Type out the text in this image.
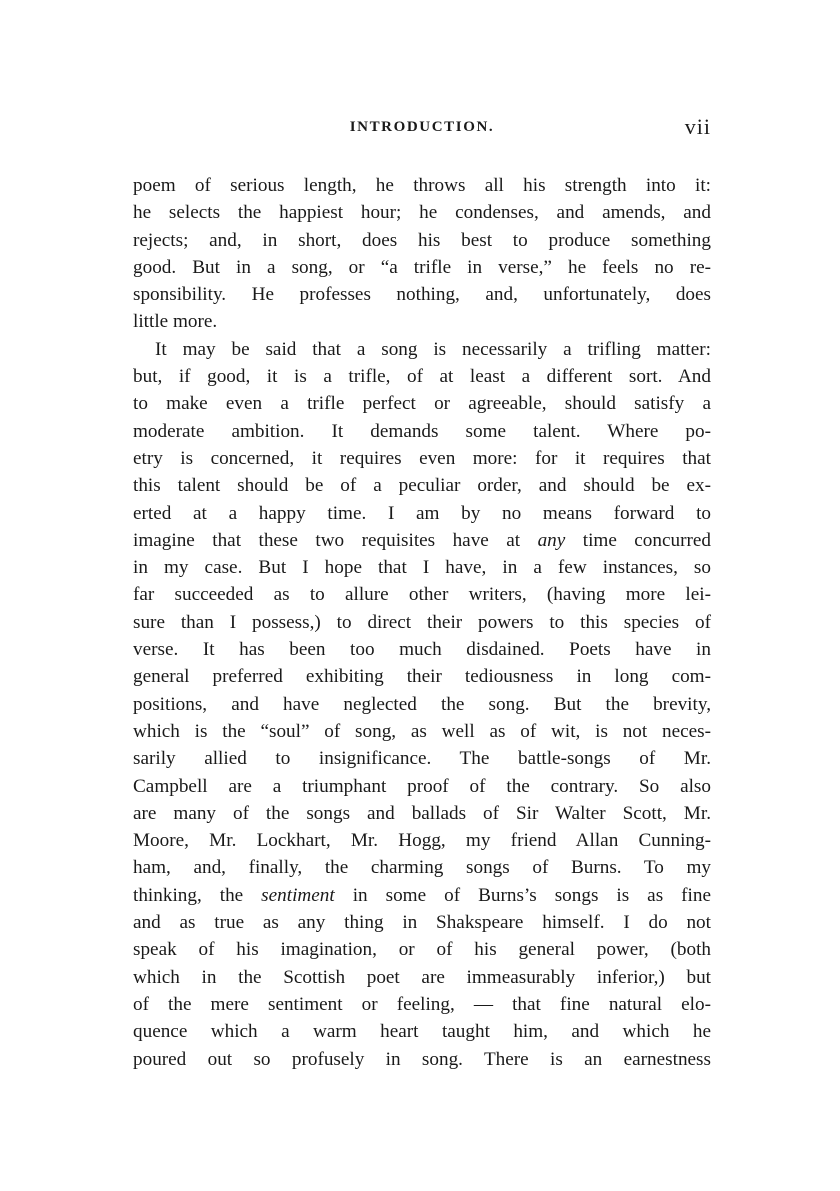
INTRODUCTION.	vii
poem of serious length, he throws all his strength into it:
he selects the happiest hour; he condenses, and amends, and
rejects; and, in short, does his best to produce something
good. But in a song, or “a trifle in verse,” he feels no re-
sponsibility. He professes nothing, and, unfortunately, does
little more.
It may be said that a song is necessarily a trifling matter:
but, if good, it is a trifle, of at least a different sort. And
to make even a trifle perfect or agreeable, should satisfy a
moderate ambition. It demands some talent. Where po-
etry is concerned, it requires even more: for it requires that
this talent should be of a peculiar order, and should be ex-
erted at a happy time. I am by no means forward to
imagine that these two requisites have at any time concurred
in my case. But I hope that I have, in a few instances, so
far succeeded as to allure other writers, (having more lei-
sure than I possess,) to direct their powers to this species of
verse. It has been too much disdained. Poets have in
general preferred exhibiting their tediousness in long com-
positions, and have neglected the song. But the brevity,
which is the “soul” of song, as well as of wit, is not neces-
sarily allied to insignificance. The battle-songs of Mr.
Campbell are a triumphant proof of the contrary. So also
are many of the songs and ballads of Sir Walter Scott, Mr.
Moore, Mr. Lockhart, Mr. Hogg, my friend Allan Cunning-
ham, and, finally, the charming songs of Burns. To my
thinking, the sentiment in some of Burns’s songs is as fine
and as true as any thing in Shakspeare himself. I do not
speak of his imagination, or of his general power, (both
which in the Scottish poet are immeasurably inferior,) but
of the mere sentiment or feeling, — that fine natural elo-
quence which a warm heart taught him, and which he
poured out so profusely in song. There is an earnestness
